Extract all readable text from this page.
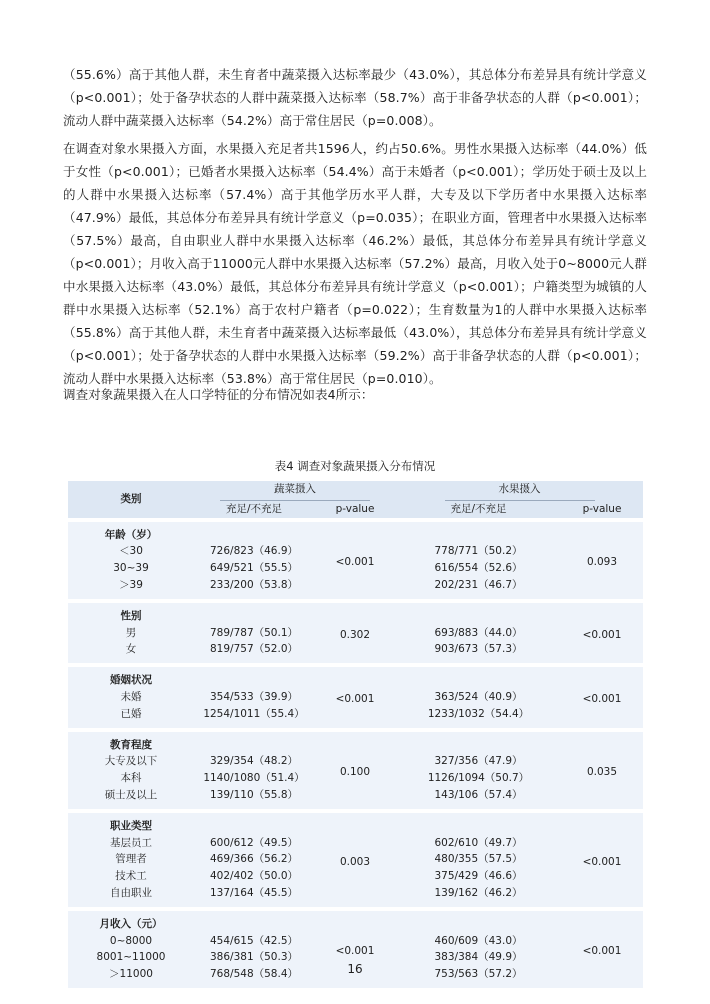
（55.6%）高于其他人群，未生育者中蔬菜摄入达标率最少（43.0%），其总体分布差异具有统计学意义（p<0.001）；处于备孕状态的人群中蔬菜摄入达标率（58.7%）高于非备孕状态的人群（p<0.001）；流动人群中蔬菜摄入达标率（54.2%）高于常住居民（p=0.008）。

在调查对象水果摄入方面，水果摄入充足者共1596人，约占50.6%。男性水果摄入达标率（44.0%）低于女性（p<0.001）；已婚者水果摄入达标率（54.4%）高于未婚者（p<0.001）；学历处于硕士及以上的人群中水果摄入达标率（57.4%）高于其他学历水平人群，大专及以下学历者中水果摄入达标率（47.9%）最低，其总体分布差异具有统计学意义（p=0.035）；在职业方面，管理者中水果摄入达标率（57.5%）最高，自由职业人群中水果摄入达标率（46.2%）最低，其总体分布差异具有统计学意义（p<0.001）；月收入高于11000元人群中水果摄入达标率（57.2%）最高，月收入处于0~8000元人群中水果摄入达标率（43.0%）最低，其总体分布差异具有统计学意义（p<0.001）；户籍类型为城镇的人群中水果摄入达标率（52.1%）高于农村户籍者（p=0.022）；生育数量为1的人群中水果摄入达标率（55.8%）高于其他人群，未生育者中蔬菜摄入达标率最低（43.0%），其总体分布差异具有统计学意义（p<0.001）；处于备孕状态的人群中水果摄入达标率（59.2%）高于非备孕状态的人群（p<0.001）；流动人群中水果摄入达标率（53.8%）高于常住居民（p=0.010）。

调查对象蔬果摄入在人口学特征的分布情况如表4所示：

表4 调查对象蔬果摄入分布情况
类别	蔬菜摄入		水果摄入	
	充足/不充足	p-value	充足/不充足	p-value

年龄（岁）		<0.001		0.093
＜30	726/823（46.9）		778/771（50.2）	
30~39	649/521（55.5）		616/554（52.6）	
＞39	233/200（53.8）		202/231（46.7）	

性别		0.302		<0.001
男	789/787（50.1）		693/883（44.0）	
女	819/757（52.0）		903/673（57.3）	

婚姻状况		<0.001		<0.001
未婚	354/533（39.9）		363/524（40.9）	
已婚	1254/1011（55.4）		1233/1032（54.4）	

教育程度		0.100		0.035
大专及以下	329/354（48.2）		327/356（47.9）	
本科	1140/1080（51.4）		1126/1094（50.7）	
硕士及以上	139/110（55.8）		143/106（57.4）	

职业类型		0.003		<0.001
基层员工	600/612（49.5）		602/610（49.7）	
管理者	469/366（56.2）		480/355（57.5）	
技术工	402/402（50.0）		375/429（46.6）	
自由职业	137/164（45.5）		139/162（46.2）	

月收入（元）		<0.001		<0.001
0~8000	454/615（42.5）		460/609（43.0）	
8001~11000	386/381（50.3）		383/384（49.9）	
＞11000	768/548（58.4）		753/563（57.2）	
16
